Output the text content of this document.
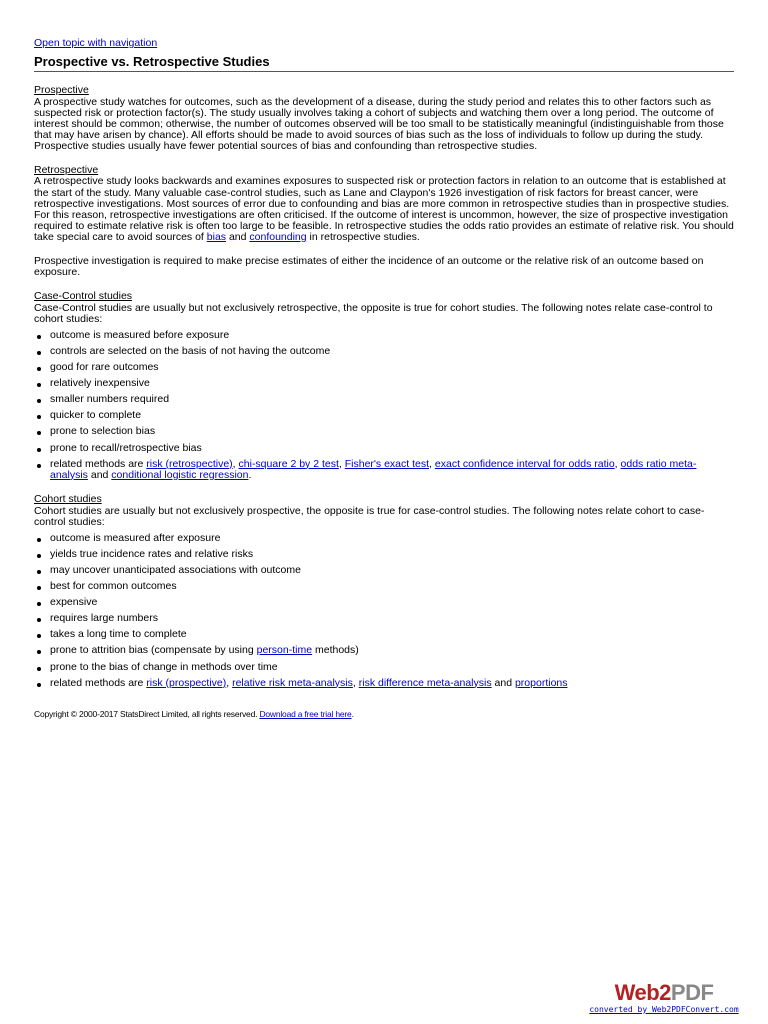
Open topic with navigation
Prospective vs. Retrospective Studies
Prospective

A prospective study watches for outcomes, such as the development of a disease, during the study period and relates this to other factors such as suspected risk or protection factor(s). The study usually involves taking a cohort of subjects and watching them over a long period. The outcome of interest should be common; otherwise, the number of outcomes observed will be too small to be statistically meaningful (indistinguishable from those that may have arisen by chance). All efforts should be made to avoid sources of bias such as the loss of individuals to follow up during the study. Prospective studies usually have fewer potential sources of bias and confounding than retrospective studies.

Retrospective

A retrospective study looks backwards and examines exposures to suspected risk or protection factors in relation to an outcome that is established at the start of the study. Many valuable case-control studies, such as Lane and Claypon's 1926 investigation of risk factors for breast cancer, were retrospective investigations. Most sources of error due to confounding and bias are more common in retrospective studies than in prospective studies. For this reason, retrospective investigations are often criticised. If the outcome of interest is uncommon, however, the size of prospective investigation required to estimate relative risk is often too large to be feasible. In retrospective studies the odds ratio provides an estimate of relative risk. You should take special care to avoid sources of bias and confounding in retrospective studies.

Prospective investigation is required to make precise estimates of either the incidence of an outcome or the relative risk of an outcome based on exposure.

Case-Control studies

Case-Control studies are usually but not exclusively retrospective, the opposite is true for cohort studies. The following notes relate case-control to cohort studies:

outcome is measured before exposure
controls are selected on the basis of not having the outcome
good for rare outcomes
relatively inexpensive
smaller numbers required
quicker to complete
prone to selection bias
prone to recall/retrospective bias
related methods are risk (retrospective), chi-square 2 by 2 test, Fisher's exact test, exact confidence interval for odds ratio, odds ratio meta-analysis and conditional logistic regression.
Cohort studies

Cohort studies are usually but not exclusively prospective, the opposite is true for case-control studies. The following notes relate cohort to case-control studies:

outcome is measured after exposure
yields true incidence rates and relative risks
may uncover unanticipated associations with outcome
best for common outcomes
expensive
requires large numbers
takes a long time to complete
prone to attrition bias (compensate by using person-time methods)
prone to the bias of change in methods over time
related methods are risk (prospective), relative risk meta-analysis, risk difference meta-analysis and proportions
Copyright © 2000-2017 StatsDirect Limited, all rights reserved. Download a free trial here.
Web2PDF
converted by Web2PDFConvert.com
